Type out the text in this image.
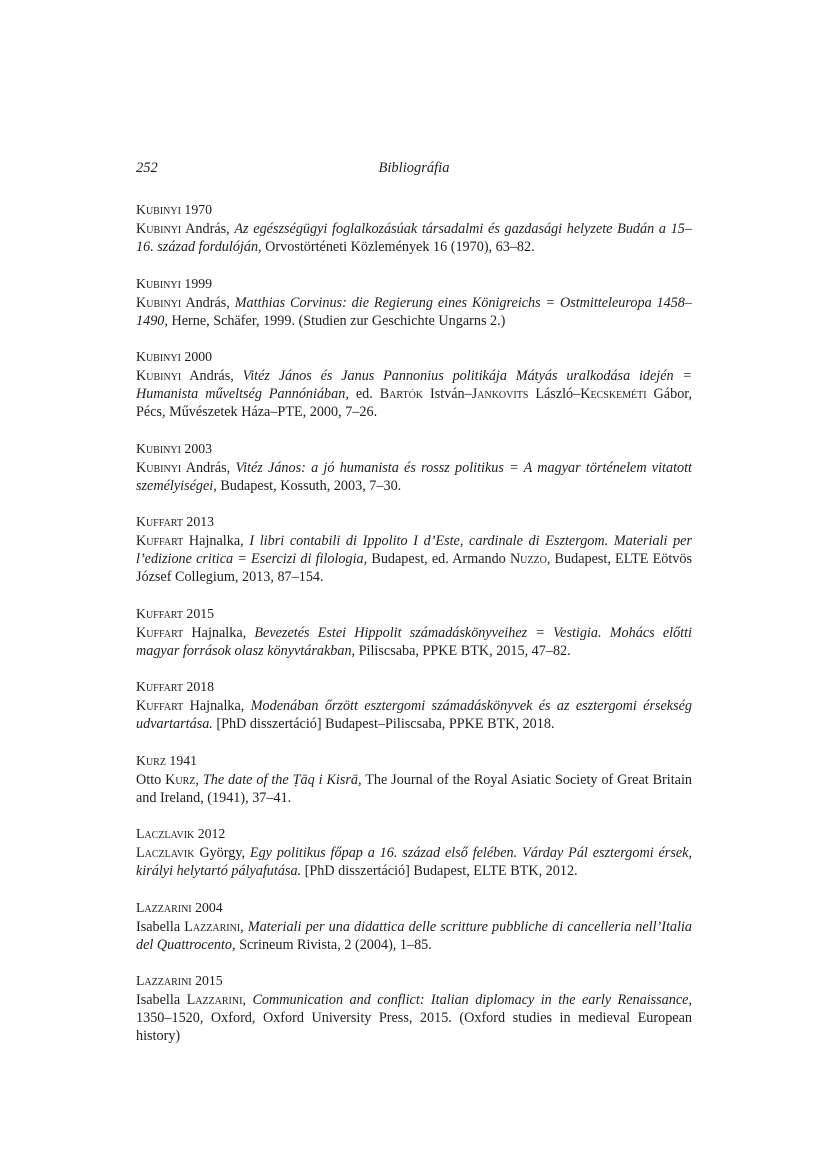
252	Bibliográfia
Kubinyi 1970
Kubinyi András, Az egészségügyi foglalkozásúak társadalmi és gazdasági helyzete Budán a 15–16. század fordulóján, Orvostörténeti Közlemények 16 (1970), 63–82.
Kubinyi 1999
Kubinyi András, Matthias Corvinus: die Regierung eines Königreichs = Ostmitteleuropa 1458–1490, Herne, Schäfer, 1999. (Studien zur Geschichte Ungarns 2.)
Kubinyi 2000
Kubinyi András, Vitéz János és Janus Pannonius politikája Mátyás uralkodása idején = Humanista műveltség Pannóniában, ed. Bartók István–Jankovits László–Kecskeméti Gábor, Pécs, Művészetek Háza–PTE, 2000, 7–26.
Kubinyi 2003
Kubinyi András, Vitéz János: a jó humanista és rossz politikus = A magyar történelem vitatott személyiségei, Budapest, Kossuth, 2003, 7–30.
Kuffart 2013
Kuffart Hajnalka, I libri contabili di Ippolito I d’Este, cardinale di Esztergom. Materiali per l’edizione critica = Esercizi di filologia, Budapest, ed. Armando Nuzzo, Budapest, ELTE Eötvös József Collegium, 2013, 87–154.
Kuffart 2015
Kuffart Hajnalka, Bevezetés Estei Hippolit számadáskönyveihez = Vestigia. Mohács előtti magyar források olasz könyvtárakban, Piliscsaba, PPKE BTK, 2015, 47–82.
Kuffart 2018
Kuffart Hajnalka, Modenában őrzött esztergomi számadáskönyvek és az esztergomi érsekség udvartartása. [PhD disszertáció] Budapest–Piliscsaba, PPKE BTK, 2018.
Kurz 1941
Otto Kurz, The date of the Ṭāq i Kisrā, The Journal of the Royal Asiatic Society of Great Britain and Ireland, (1941), 37–41.
Laczlavik 2012
Laczlavik György, Egy politikus főpap a 16. század első felében. Várday Pál esztergomi érsek, királyi helytartó pályafutása. [PhD disszertáció] Budapest, ELTE BTK, 2012.
Lazzarini 2004
Isabella Lazzarini, Materiali per una didattica delle scritture pubbliche di cancelleria nell’Italia del Quattrocento, Scrineum Rivista, 2 (2004), 1–85.
Lazzarini 2015
Isabella Lazzarini, Communication and conflict: Italian diplomacy in the early Renaissance, 1350–1520, Oxford, Oxford University Press, 2015. (Oxford studies in medieval European history)
